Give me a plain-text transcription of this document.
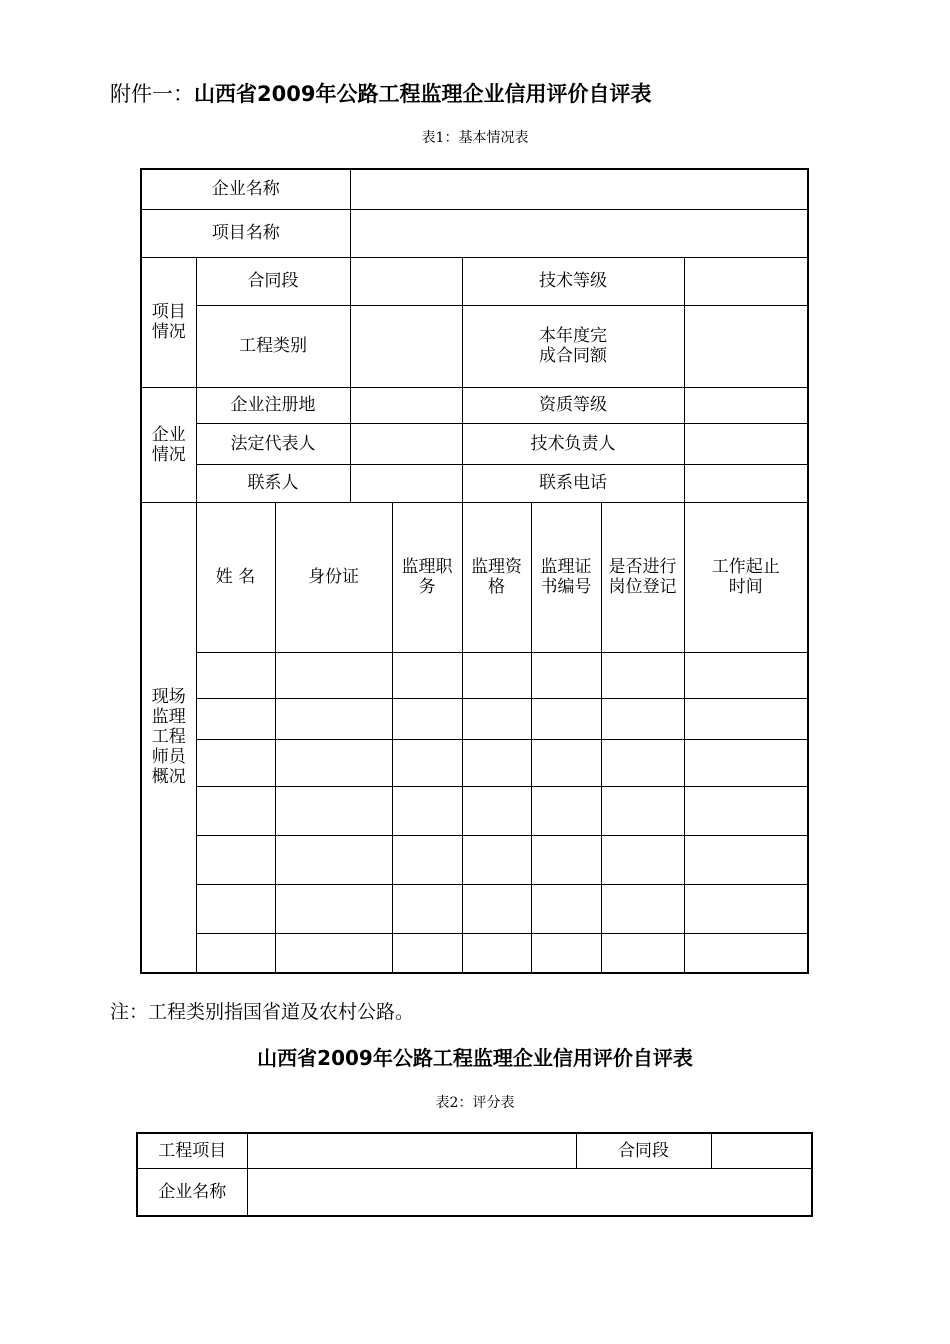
附件一：山西省2009年公路工程监理企业信用评价自评表
表1：基本情况表
企业名称								
项目名称								
项目情况	合同段				技术等级			
	工程类别				本年度完成合同额			
企业情况	企业注册地				资质等级			
	法定代表人				技术负责人			
	联系人				联系电话			
现场监理工程师员概况	姓 名	身份证		监理职务	监理资格	监理证书编号	是否进行岗位登记	工作起止时间

注：工程类别指国省道及农村公路。
山西省2009年公路工程监理企业信用评价自评表
表2：评分表
工程项目		合同段	
企业名称			
